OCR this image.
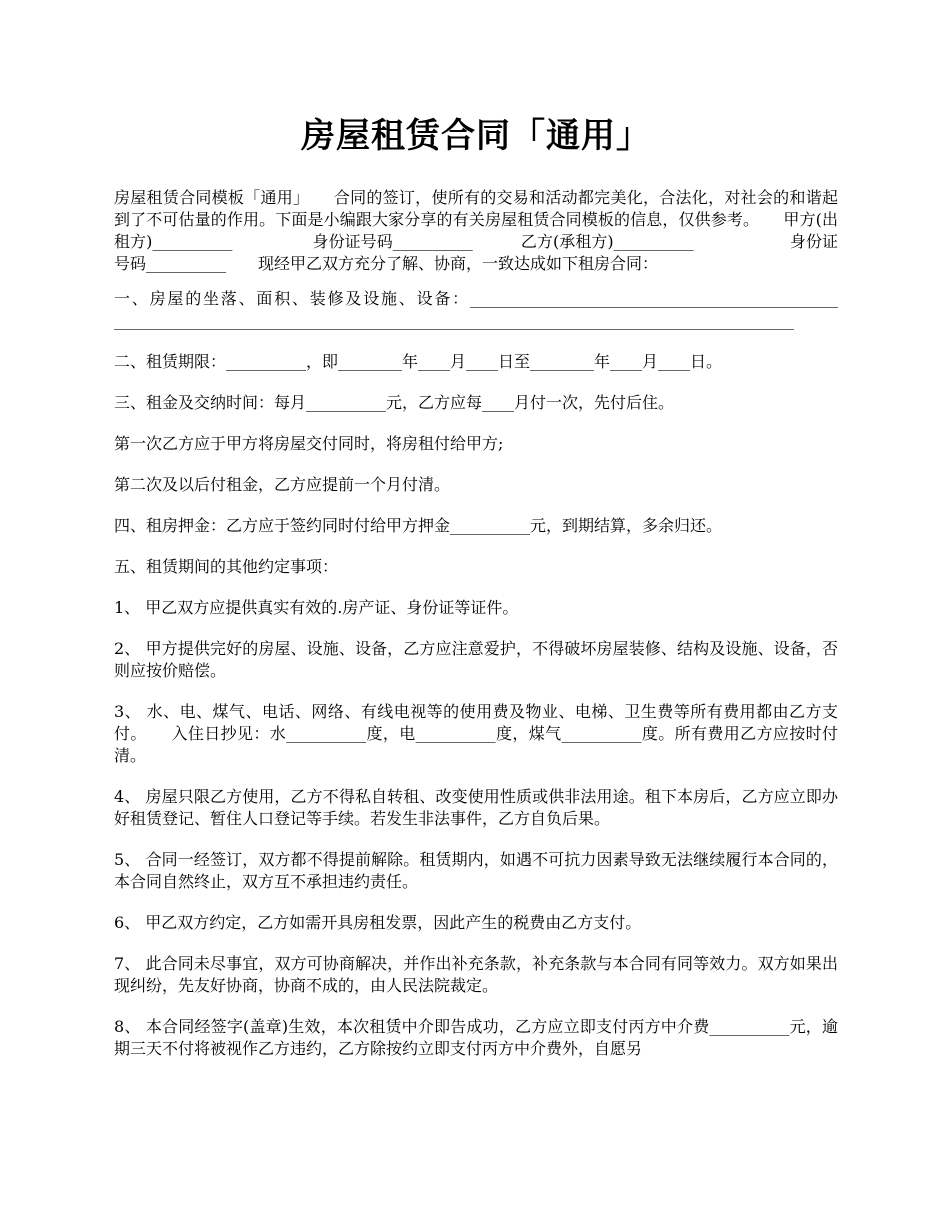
房屋租赁合同「通用」

房屋租赁合同模板「通用」　　合同的签订，使所有的交易和活动都完美化，合法化，对社会的和谐起到了不可估量的作用。下面是小编跟大家分享的有关房屋租赁合同模板的信息，仅供参考。　　甲方(出租方)__________　　　　　身份证号码__________　　　乙方(承租方)__________　　　　　　身份证号码__________　　现经甲乙双方充分了解、协商，一致达成如下租房合同：

一、房屋的坐落、面积、装修及设施、设备：______________________________________________　　_____________________________________________________________________________________

二、租赁期限：__________，即________年____月____日至________年____月____日。

三、租金及交纳时间：每月__________元，乙方应每____月付一次，先付后住。

第一次乙方应于甲方将房屋交付同时，将房租付给甲方;

第二次及以后付租金，乙方应提前一个月付清。

四、租房押金：乙方应于签约同时付给甲方押金__________元，到期结算，多余归还。

五、租赁期间的其他约定事项：

1、 甲乙双方应提供真实有效的.房产证、身份证等证件。

2、 甲方提供完好的房屋、设施、设备，乙方应注意爱护，不得破坏房屋装修、结构及设施、设备，否则应按价赔偿。

3、 水、电、煤气、电话、网络、有线电视等的使用费及物业、电梯、卫生费等所有费用都由乙方支付。　　入住日抄见：水__________度，电__________度，煤气__________度。所有费用乙方应按时付清。

4、 房屋只限乙方使用，乙方不得私自转租、改变使用性质或供非法用途。租下本房后，乙方应立即办好租赁登记、暂住人口登记等手续。若发生非法事件，乙方自负后果。

5、 合同一经签订，双方都不得提前解除。租赁期内，如遇不可抗力因素导致无法继续履行本合同的，本合同自然终止，双方互不承担违约责任。

6、 甲乙双方约定，乙方如需开具房租发票，因此产生的税费由乙方支付。

7、 此合同未尽事宜，双方可协商解决，并作出补充条款，补充条款与本合同有同等效力。双方如果出现纠纷，先友好协商，协商不成的，由人民法院裁定。

8、 本合同经签字(盖章)生效，本次租赁中介即告成功，乙方应立即支付丙方中介费__________元，逾期三天不付将被视作乙方违约，乙方除按约立即支付丙方中介费外，自愿另
